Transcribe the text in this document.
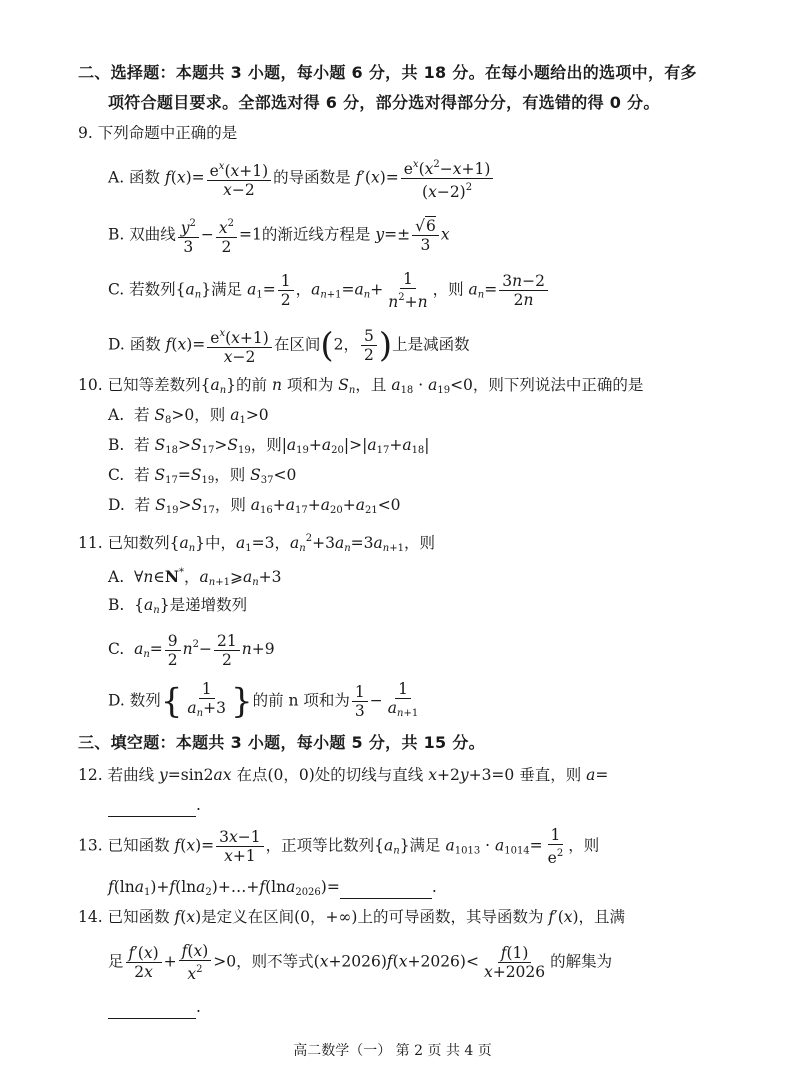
二、选择题：本题共 3 小题，每小题 6 分，共 18 分。在每小题给出的选项中，有多
项符合题目要求。全部选对得 6 分，部分选对得部分分，有选错的得 0 分。
9. 下列命题中正确的是
A. 函数 $f(x)= \frac{e^x(x+1)}{x-2}$ 的导函数是 $f'(x)= \frac{e^x(x^2-x+1)}{(x-2)^2}$
B. 双曲线 $\frac{y^2}{3} - \frac{x^2}{2} =1$的渐近线方程是 $y=\pm \frac{√6}{3}$ x
C. 若数列$\{a_n\}$满足 $a_1= \frac{1}{2}$ ，$a_{n+1}=a_n+ \frac{1}{n^2+n}$ ，则 $a_n= \frac{3n-2}{2n}$
D. 函数 $f(x)= \frac{e^x(x+1)}{x-2}$ 在区间(2， $\frac{5}{2}$ )上是减函数
10. 已知等差数列$\{a_n\}$的前 n 项和为 $S_n$，且 $a_{18} \cdot a_{19}<0$，则下列说法中正确的是
A.  若 $S_8>0$，则 $a_1>0$
B.  若 $S_{18}>S_{17}>S_{19}$，则$|a_{19}+a_{20}|>|a_{17}+a_{18}|$
C.  若 $S_{17}=S_{19}$，则 $S_{37}<0$
D.  若 $S_{19}>S_{17}$，则 $a_{16}+a_{17}+a_{20}+a_{21}<0$
11. 已知数列$\{a_n\}$中，$a_1=3$，$a_n^2+3a_n=3a_{n+1}$，则
A.  ∀n∈N*，$a_{n+1}⩾a_n+3$
B.  $\{a_n\}$是递增数列
C. $a_n= \frac{9}{2} n^2- \frac{21}{2} n+9$
D. 数列{ $\frac{1}{a_n+3}$ }的前 n 项和为 $\frac{1}{3} - \frac{1}{a_{n+1}}$
三、填空题：本题共 3 小题，每小题 5 分，共 15 分。
12. 若曲线 y=sin2ax 在点(0，0)处的切线与直线 x+2y+3=0 垂直，则 a=
.
13. 已知函数 $f(x)= \frac{3x-1}{x+1}$ ，正项等比数列$\{a_n\}$满足 $a_{1013} \cdot a_{1014}= \frac{1}{e^2}$ ，则
f(lna$_1$)+f(lna$_2$)+…+f(lna$_{2026}$)=	.
14. 已知函数 f(x)是定义在区间(0，+∞)上的可导函数，其导函数为 f′(x)，且满
足 $\frac{f'(x)}{2x} + \frac{f(x)}{x^2} >0$，则不等式$(x+2026)f(x+2026)< \frac{f(1)}{x+2026}$ 的解集为
.
高二数学（一） 第 2 页 共 4 页
